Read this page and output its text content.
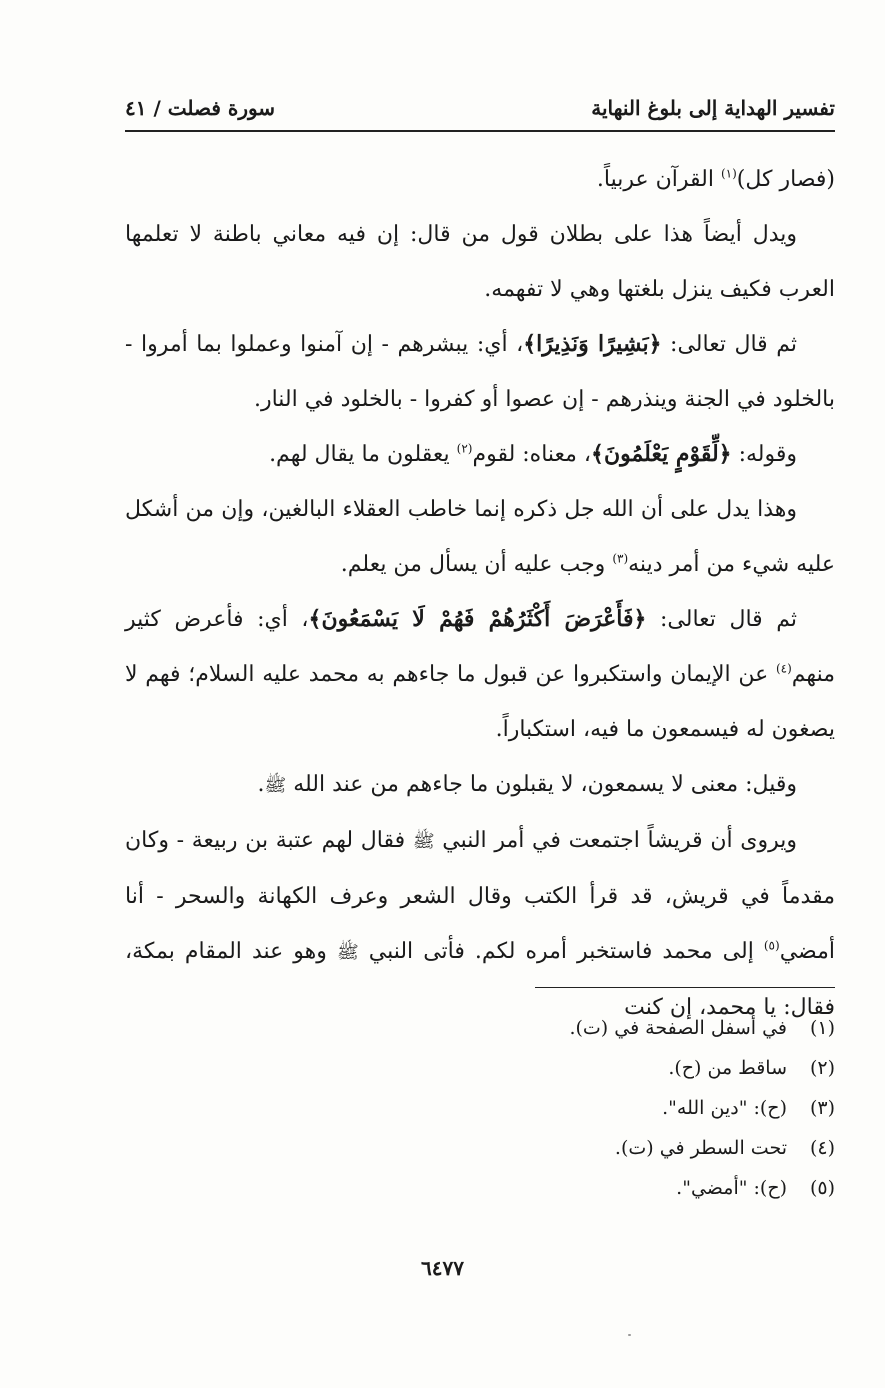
تفسير الهداية إلى بلوغ النهاية
سورة فصلت / ٤١

(فصار كل)$^{(١)}$ القرآن عربياً.

ويدل أيضاً هذا على بطلان قول من قال: إن فيه معاني باطنة لا تعلمها العرب فكيف ينزل بلغتها وهي لا تفهمه.

ثم قال تعالى: ﴿بَشِيرًا وَنَذِيرًا﴾، أي: يبشرهم - إن آمنوا وعملوا بما أمروا - بالخلود في الجنة وينذرهم - إن عصوا أو كفروا - بالخلود في النار.

وقوله: ﴿لِّقَوْمٍ يَعْلَمُونَ﴾، معناه: لقوم$^{(٢)}$ يعقلون ما يقال لهم.

وهذا يدل على أن الله جل ذكره إنما خاطب العقلاء البالغين، وإن من أشكل عليه شيء من أمر دينه$^{(٣)}$ وجب عليه أن يسأل من يعلم.

ثم قال تعالى: ﴿فَأَعْرَضَ أَكْثَرُهُمْ فَهُمْ لَا يَسْمَعُونَ﴾، أي: فأعرض كثير منهم$^{(٤)}$ عن الإيمان واستكبروا عن قبول ما جاءهم به محمد عليه السلام؛ فهم لا يصغون له فيسمعون ما فيه، استكباراً.

وقيل: معنى لا يسمعون، لا يقبلون ما جاءهم من عند الله ﷺ.

ويروى أن قريشاً اجتمعت في أمر النبي ﷺ فقال لهم عتبة بن ربيعة - وكان مقدماً في قريش، قد قرأ الكتب وقال الشعر وعرف الكهانة والسحر - أنا أمضي$^{(٥)}$ إلى محمد فاستخبر أمره لكم. فأتى النبي ﷺ وهو عند المقام بمكة، فقال: يا محمد، إن كنت

(١)
في أسفل الصفحة في (ت).
(٢)
ساقط من (ح).
(٣)
(ح): "دين الله".
(٤)
تحت السطر في (ت).
(٥)
(ح): "أمضي".
٦٤٧٧
